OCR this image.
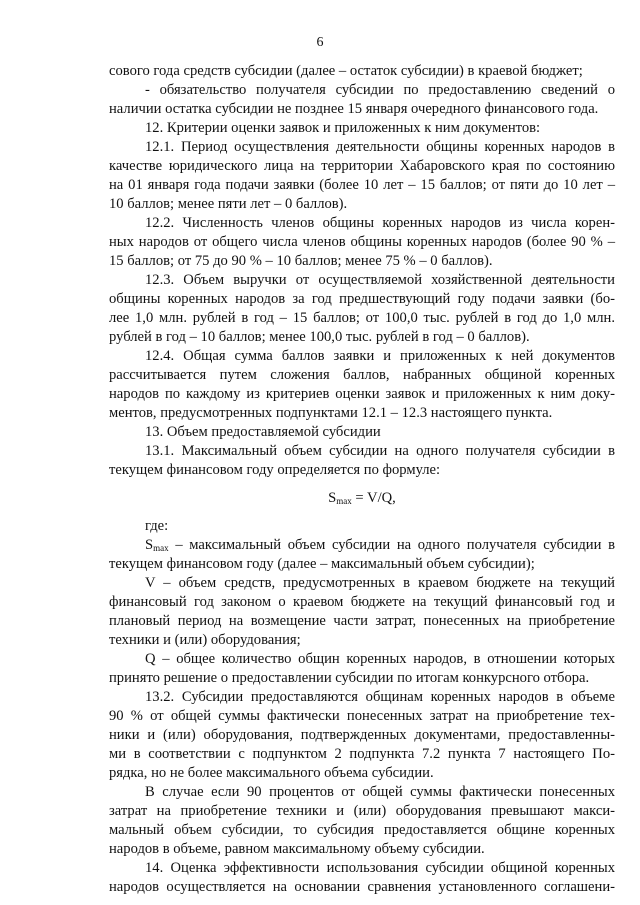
6
сового года средств субсидии (далее – остаток субсидии) в краевой бюджет;
- обязательство получателя субсидии по предоставлению сведений о
наличии остатка субсидии не позднее 15 января очередного финансового года.
12. Критерии оценки заявок и приложенных к ним документов:
12.1. Период осуществления деятельности общины коренных народов в
качестве юридического лица на территории Хабаровского края по состоянию
на 01 января года подачи заявки (более 10 лет – 15 баллов; от пяти до 10 лет –
10 баллов; менее пяти лет – 0 баллов).
12.2. Численность членов общины коренных народов из числа корен-
ных народов от общего числа членов общины коренных народов (более 90 % –
15 баллов; от 75 до 90 % – 10 баллов; менее 75 % – 0 баллов).
12.3. Объем выручки от осуществляемой хозяйственной деятельности
общины коренных народов за год предшествующий году подачи заявки (бо-
лее 1,0 млн. рублей в год – 15 баллов; от 100,0 тыс. рублей в год до 1,0 млн.
рублей в год – 10 баллов; менее 100,0 тыс. рублей в год – 0 баллов).
12.4. Общая сумма баллов заявки и приложенных к ней документов
рассчитывается путем сложения баллов, набранных общиной коренных
народов по каждому из критериев оценки заявок и приложенных к ним доку-
ментов, предусмотренных подпунктами 12.1 – 12.3 настоящего пункта.
13. Объем предоставляемой субсидии
13.1. Максимальный объем субсидии на одного получателя субсидии в
текущем финансовом году определяется по формуле:
$S_{max} = V/Q$,
где:
$S_{max}$ – максимальный объем субсидии на одного получателя субсидии в
текущем финансовом году (далее – максимальный объем субсидии);
V – объем средств, предусмотренных в краевом бюджете на текущий
финансовый год законом о краевом бюджете на текущий финансовый год и
плановый период на возмещение части затрат, понесенных на приобретение
техники и (или) оборудования;
Q – общее количество общин коренных народов, в отношении которых
принято решение о предоставлении субсидии по итогам конкурсного отбора.
13.2. Субсидии предоставляются общинам коренных народов в объеме
90 % от общей суммы фактически понесенных затрат на приобретение тех-
ники и (или) оборудования, подтвержденных документами, предоставленны-
ми в соответствии с подпунктом 2 подпункта 7.2 пункта 7 настоящего По-
рядка, но не более максимального объема субсидии.
В случае если 90 процентов от общей суммы фактически понесенных
затрат на приобретение техники и (или) оборудования превышают макси-
мальный объем субсидии, то субсидия предоставляется общине коренных
народов в объеме, равном максимальному объему субсидии.
14. Оценка эффективности использования субсидии общиной коренных
народов осуществляется на основании сравнения установленного соглашени-
